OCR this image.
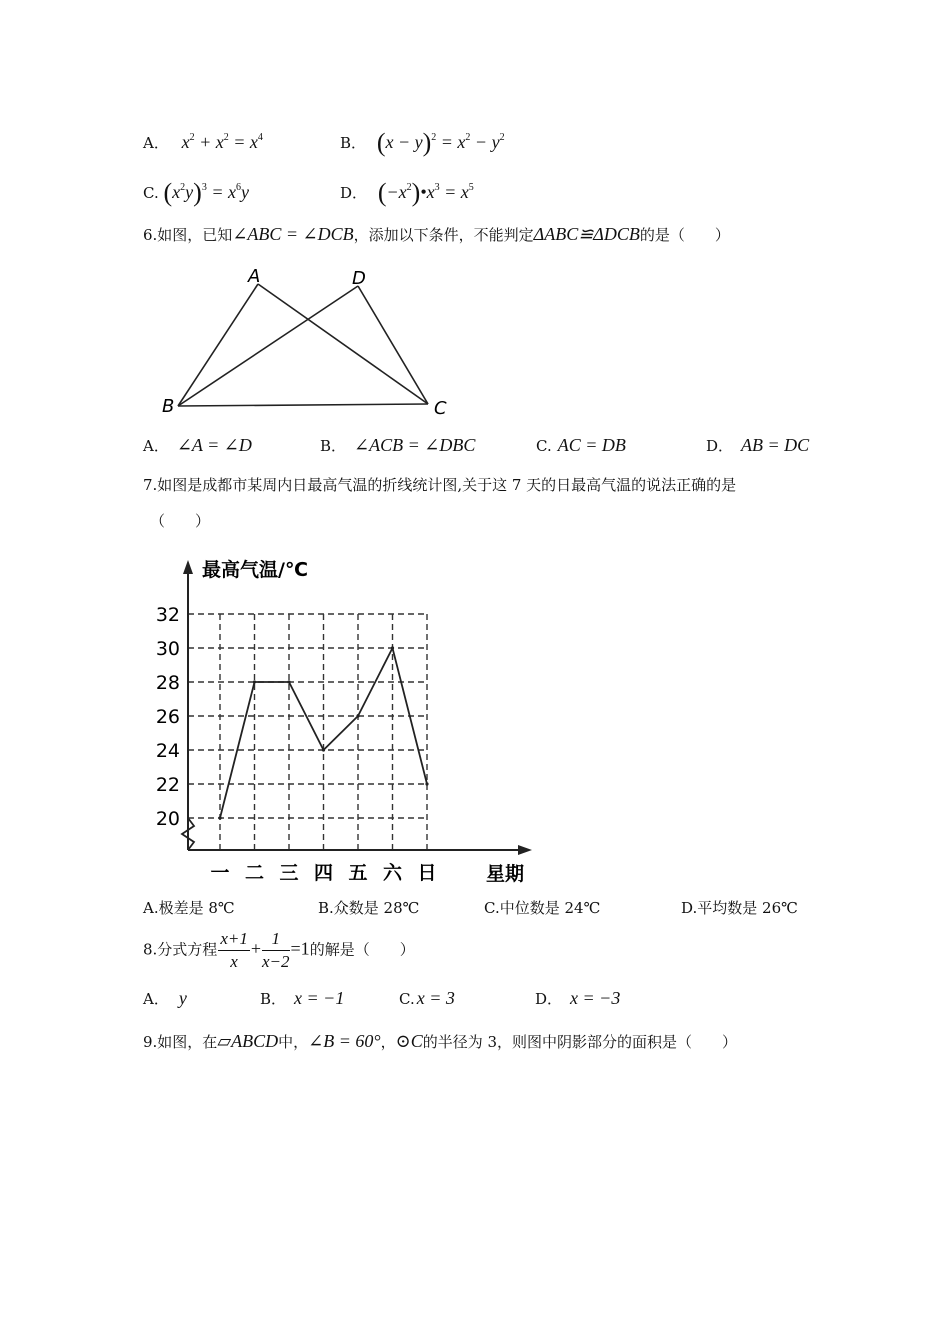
A． $x^2 + x^2 = x^4$	B． $(x - y)^2 = x^2 - y^2$
C. $(x^2y)^3 = x^6y$	D． $(-x^2)•x^3 = x^5$
6.如图，已知∠ABC = ∠DCB，添加以下条件，不能判定ΔABC≌ΔDCB的是（　　）
A	D
B	C
A． ∠A = ∠D	B． ∠ACB = ∠DBC	C. AC = DB	D． AB = DC
7.如图是成都市某周内日最高气温的折线统计图,关于这 7 天的日最高气温的说法正确的是
（　　）
最高气温/℃
星期
20
22
24
26
28
30
32
一 二 三 四 五 六 日
A.极差是 8℃	B.众数是 28℃	C.中位数是 24℃	D.平均数是 26℃
8.分式方程 $\frac{x+1}{x} + \frac{1}{x-2} =1$的解是（　　）
A． y	B． x = −1	C. x = 3	D． x = −3
9.如图，在▱ABCD中，∠B = 60°，⊙C的半径为 3，则图中阴影部分的面积是（　　）
